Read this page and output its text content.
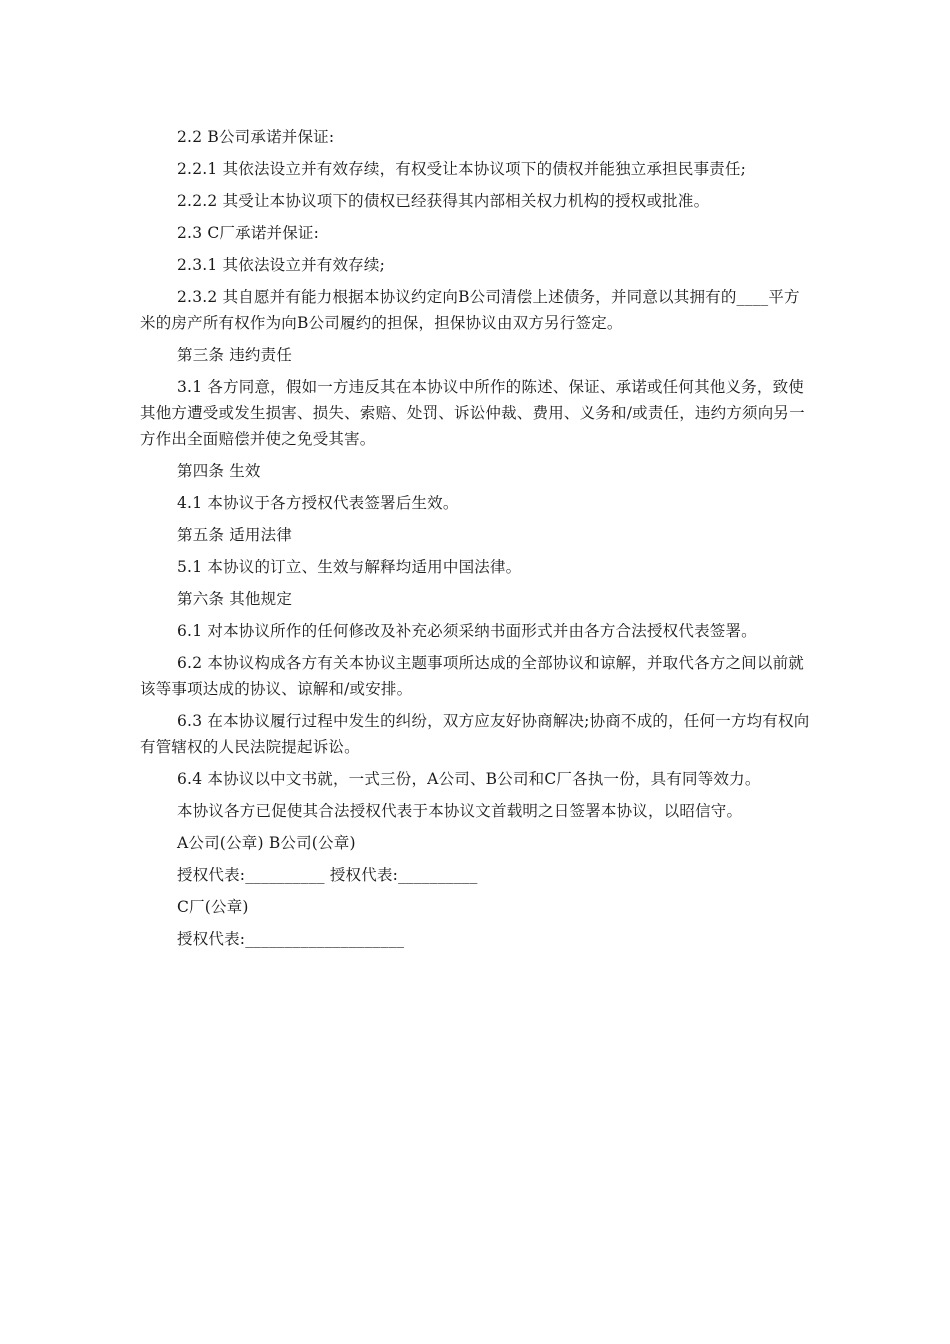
2.2 B公司承诺并保证:

2.2.1 其依法设立并有效存续，有权受让本协议项下的债权并能独立承担民事责任;

2.2.2 其受让本协议项下的债权已经获得其内部相关权力机构的授权或批准。

2.3 C厂承诺并保证:

2.3.1 其依法设立并有效存续;

2.3.2 其自愿并有能力根据本协议约定向B公司清偿上述债务，并同意以其拥有的____平方米的房产所有权作为向B公司履约的担保，担保协议由双方另行签定。

第三条 违约责任

3.1 各方同意，假如一方违反其在本协议中所作的陈述、保证、承诺或任何其他义务，致使其他方遭受或发生损害、损失、索赔、处罚、诉讼仲裁、费用、义务和/或责任，违约方须向另一方作出全面赔偿并使之免受其害。

第四条 生效

4.1 本协议于各方授权代表签署后生效。

第五条 适用法律

5.1 本协议的订立、生效与解释均适用中国法律。

第六条 其他规定

6.1 对本协议所作的任何修改及补充必须采纳书面形式并由各方合法授权代表签署。

6.2 本协议构成各方有关本协议主题事项所达成的全部协议和谅解，并取代各方之间以前就该等事项达成的协议、谅解和/或安排。

6.3 在本协议履行过程中发生的纠纷，双方应友好协商解决;协商不成的，任何一方均有权向有管辖权的人民法院提起诉讼。

6.4 本协议以中文书就，一式三份，A公司、B公司和C厂各执一份，具有同等效力。

本协议各方已促使其合法授权代表于本协议文首载明之日签署本协议，以昭信守。

A公司(公章) B公司(公章)

授权代表:__________ 授权代表:__________

C厂(公章)

授权代表:____________________
